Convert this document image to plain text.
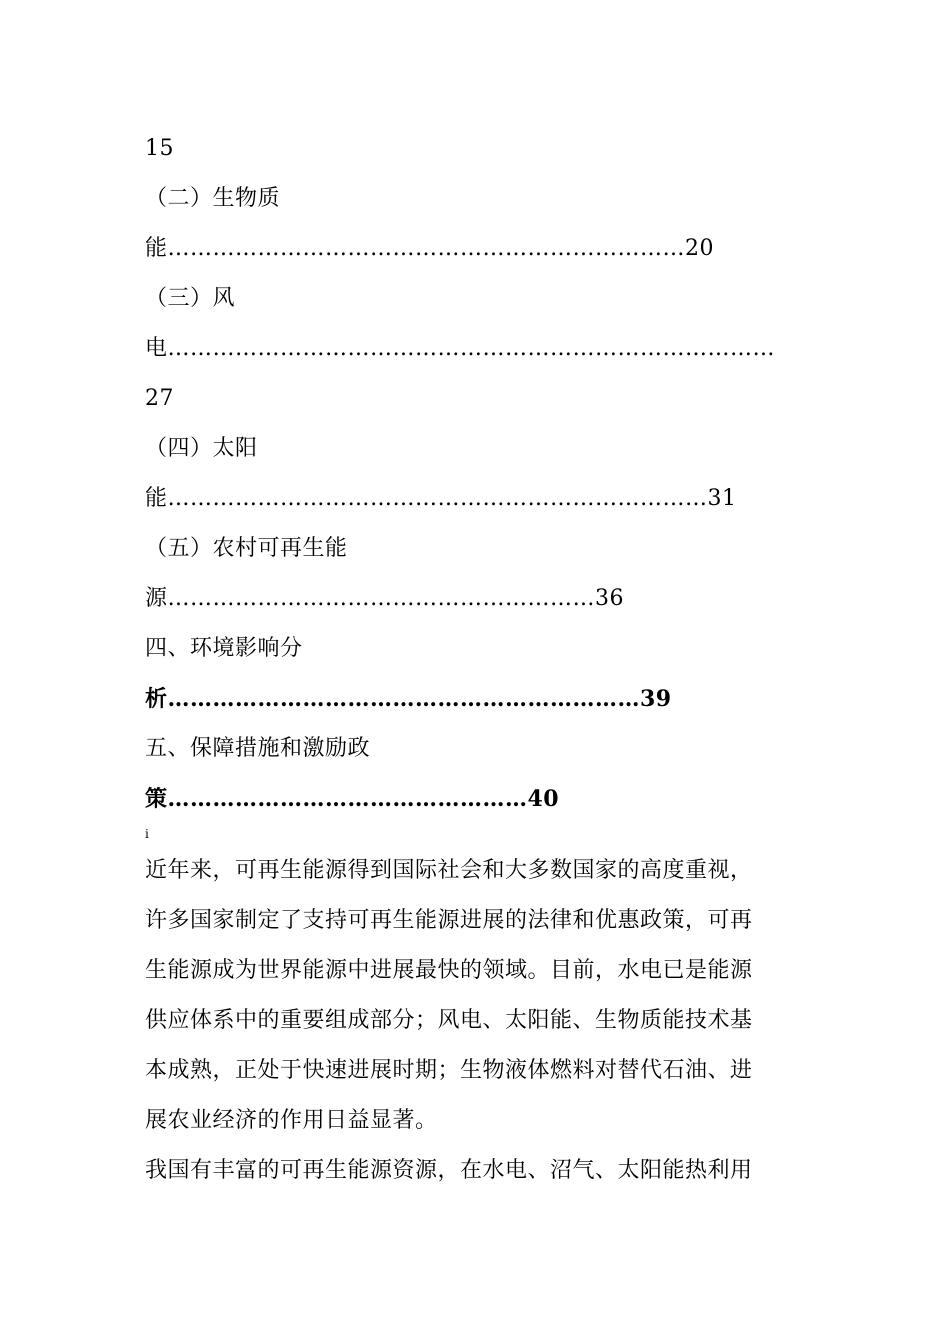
15
（二）生物质
能……………………………………………………………20
（三）风
电………………………………………………………………………
27
（四）太阳
能………………………………………………………………31
（五）农村可再生能
源…………………………………………………36
四、环境影响分
析………………………………………………………39
五、保障措施和激励政
策…………………………………………40
i
近年来，可再生能源得到国际社会和大多数国家的高度重视，
许多国家制定了支持可再生能源进展的法律和优惠政策，可再
生能源成为世界能源中进展最快的领域。目前，水电已是能源
供应体系中的重要组成部分；风电、太阳能、生物质能技术基
本成熟，正处于快速进展时期；生物液体燃料对替代石油、进
展农业经济的作用日益显著。
我国有丰富的可再生能源资源，在水电、沼气、太阳能热利用
